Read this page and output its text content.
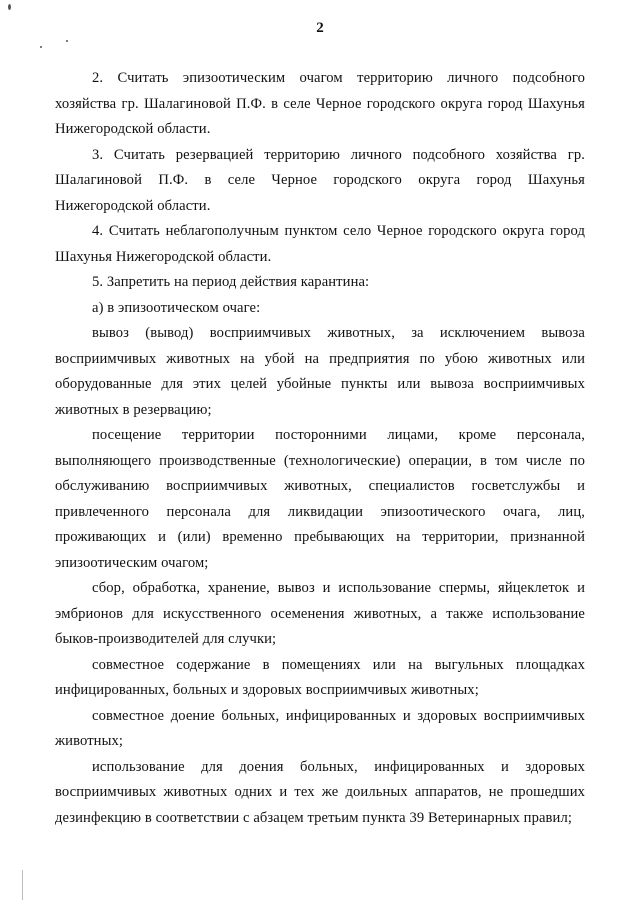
2

2. Считать эпизоотическим очагом территорию личного подсобного хозяйства гр. Шалагиновой П.Ф. в селе Черное городского округа город Шахунья Нижегородской области.

3. Считать резервацией территорию личного подсобного хозяйства гр. Шалагиновой П.Ф. в селе Черное городского округа город Шахунья Нижегородской области.

4. Считать неблагополучным пунктом село Черное городского округа город Шахунья Нижегородской области.

5. Запретить на период действия карантина:

а) в эпизоотическом очаге:

вывоз (вывод) восприимчивых животных, за исключением вывоза восприимчивых животных на убой на предприятия по убою животных или оборудованные для этих целей убойные пункты или вывоза восприимчивых животных в резервацию;

посещение территории посторонними лицами, кроме персонала, выполняющего производственные (технологические) операции, в том числе по обслуживанию восприимчивых животных, специалистов госветслужбы и привлеченного персонала для ликвидации эпизоотического очага, лиц, проживающих и (или) временно пребывающих на территории, признанной эпизоотическим очагом;

сбор, обработка, хранение, вывоз и использование спермы, яйцеклеток и эмбрионов для искусственного осеменения животных, а также использование быков-производителей для случки;

совместное содержание в помещениях или на выгульных площадках инфицированных, больных и здоровых восприимчивых животных;

совместное доение больных, инфицированных и здоровых восприимчивых животных;

использование для доения больных, инфицированных и здоровых восприимчивых животных одних и тех же доильных аппаратов, не прошедших дезинфекцию в соответствии с абзацем третьим пункта 39 Ветеринарных правил;
